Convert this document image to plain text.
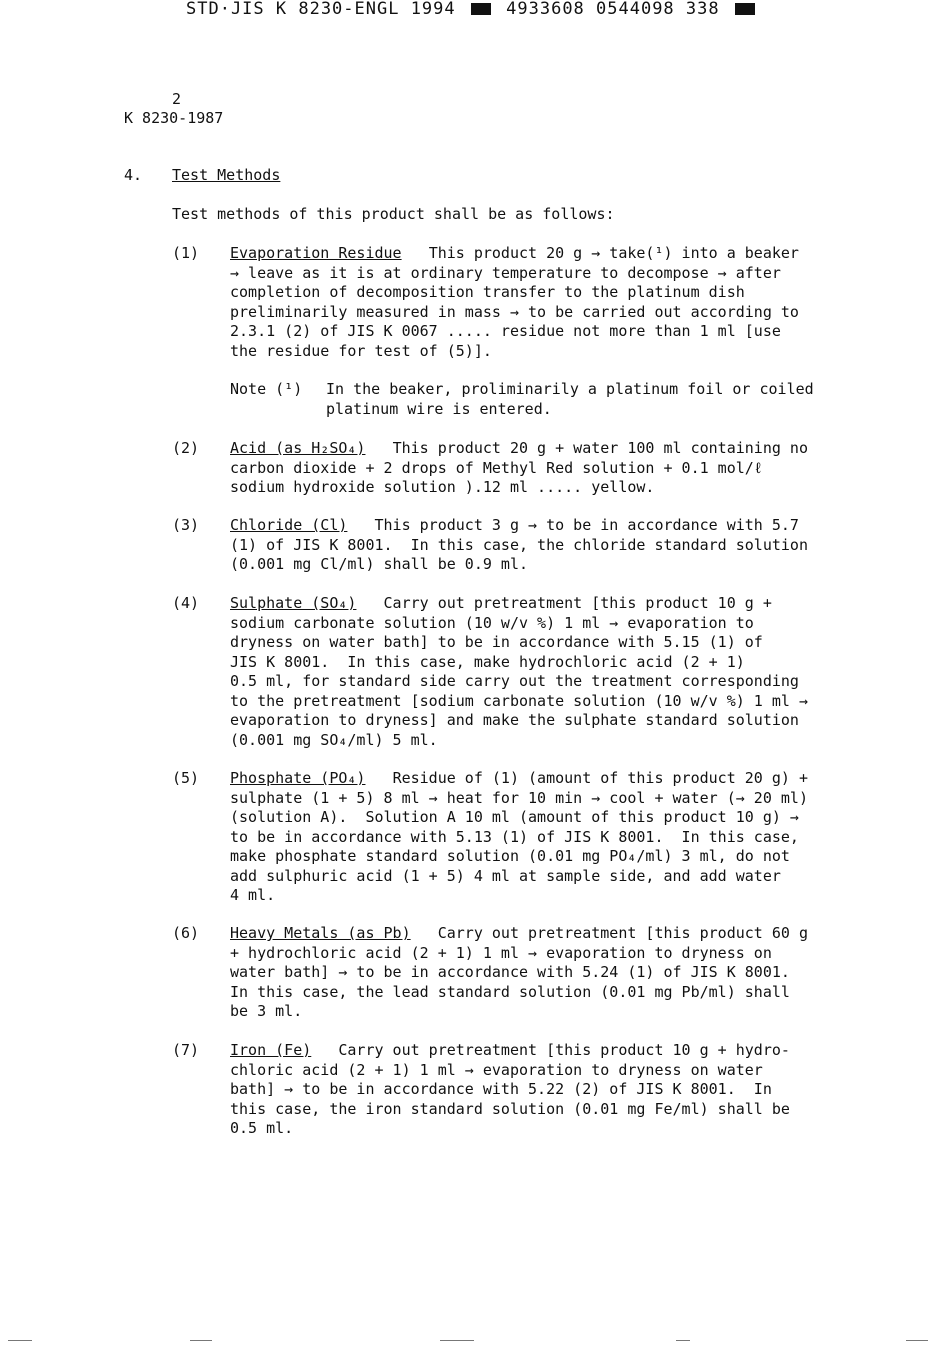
STD·JIS K 8230-ENGL 1994	4933608 0544098 338
2
K 8230-1987
4. Test Methods
Test methods of this product shall be as follows:
(1) Evaporation Residue This product 20 g → take(¹) into a beaker
→ leave as it is at ordinary temperature to decompose → after
completion of decomposition transfer to the platinum dish
preliminarily measured in mass → to be carried out according to
2.3.1 (2) of JIS K 0067 ..... residue not more than 1 ml [use
the residue for test of (5)].
Note (¹) In the beaker, proliminarily a platinum foil or coiled
platinum wire is entered.
(2) Acid (as H₂SO₄) This product 20 g + water 100 ml containing no
carbon dioxide + 2 drops of Methyl Red solution + 0.1 mol/ℓ
sodium hydroxide solution ).12 ml ..... yellow.
(3) Chloride (Cl) This product 3 g → to be in accordance with 5.7
(1) of JIS K 8001.  In this case, the chloride standard solution
(0.001 mg Cl/ml) shall be 0.9 ml.
(4) Sulphate (SO₄) Carry out pretreatment [this product 10 g +
sodium carbonate solution (10 w/v %) 1 ml → evaporation to
dryness on water bath] to be in accordance with 5.15 (1) of
JIS K 8001.  In this case, make hydrochloric acid (2 + 1)
0.5 ml, for standard side carry out the treatment corresponding
to the pretreatment [sodium carbonate solution (10 w/v %) 1 ml →
evaporation to dryness] and make the sulphate standard solution
(0.001 mg SO₄/ml) 5 ml.
(5) Phosphate (PO₄) Residue of (1) (amount of this product 20 g) +
sulphate (1 + 5) 8 ml → heat for 10 min → cool + water (→ 20 ml)
(solution A).  Solution A 10 ml (amount of this product 10 g) →
to be in accordance with 5.13 (1) of JIS K 8001.  In this case,
make phosphate standard solution (0.01 mg PO₄/ml) 3 ml, do not
add sulphuric acid (1 + 5) 4 ml at sample side, and add water
4 ml.
(6) Heavy Metals (as Pb) Carry out pretreatment [this product 60 g
+ hydrochloric acid (2 + 1) 1 ml → evaporation to dryness on
water bath] → to be in accordance with 5.24 (1) of JIS K 8001.
In this case, the lead standard solution (0.01 mg Pb/ml) shall
be 3 ml.
(7) Iron (Fe) Carry out pretreatment [this product 10 g + hydro-
chloric acid (2 + 1) 1 ml → evaporation to dryness on water
bath] → to be in accordance with 5.22 (2) of JIS K 8001.  In
this case, the iron standard solution (0.01 mg Fe/ml) shall be
0.5 ml.
